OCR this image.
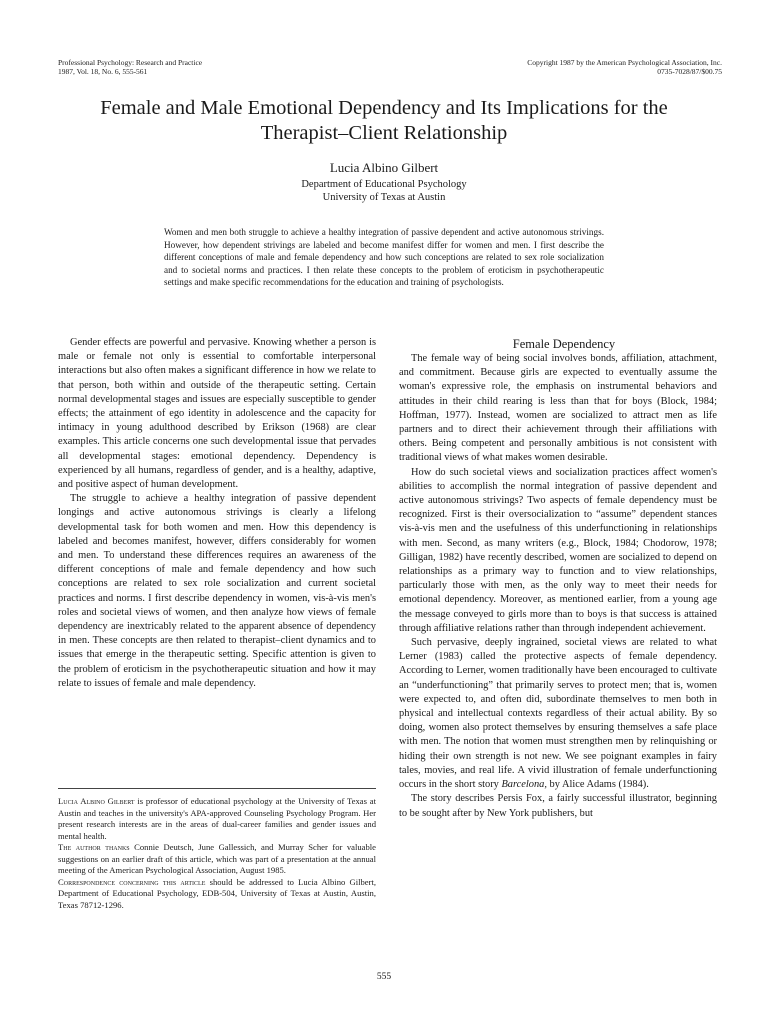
Professional Psychology: Research and Practice
1987, Vol. 18, No. 6, 555-561
Copyright 1987 by the American Psychological Association, Inc.
0735-7028/87/$00.75
Female and Male Emotional Dependency and Its Implications for the Therapist–Client Relationship
Lucia Albino Gilbert
Department of Educational Psychology
University of Texas at Austin
Women and men both struggle to achieve a healthy integration of passive dependent and active autonomous strivings. However, how dependent strivings are labeled and become manifest differ for women and men. I first describe the different conceptions of male and female dependency and how such conceptions are related to sex role socialization and to societal norms and practices. I then relate these concepts to the problem of eroticism in psychotherapeutic settings and make specific recommendations for the education and training of psychologists.

Gender effects are powerful and pervasive. Knowing whether a person is male or female not only is essential to comfortable interpersonal interactions but also often makes a significant difference in how we relate to that person, both within and outside of the therapeutic setting. Certain normal developmental stages and issues are especially susceptible to gender effects; the attainment of ego identity in adolescence and the capacity for intimacy in young adulthood described by Erikson (1968) are clear examples. This article concerns one such developmental issue that pervades all developmental stages: emotional dependency. Dependency is experienced by all humans, regardless of gender, and is a healthy, adaptive, and positive aspect of human development.

The struggle to achieve a healthy integration of passive dependent longings and active autonomous strivings is clearly a lifelong developmental task for both women and men. How this dependency is labeled and becomes manifest, however, differs considerably for women and men. To understand these differences requires an awareness of the different conceptions of male and female dependency and how such conceptions are related to sex role socialization and current societal practices and norms. I first describe dependency in women, vis-à-vis men's roles and societal views of women, and then analyze how views of female dependency are inextricably related to the apparent absence of dependency in men. These concepts are then related to therapist–client dynamics and to issues that emerge in the therapeutic setting. Specific attention is given to the problem of eroticism in the psychotherapeutic situation and how it may relate to issues of female and male dependency.

Lucia Albino Gilbert is professor of educational psychology at the University of Texas at Austin and teaches in the university's APA-approved Counseling Psychology Program. Her present research interests are in the areas of dual-career families and gender issues and mental health.

The author thanks Connie Deutsch, June Gallessich, and Murray Scher for valuable suggestions on an earlier draft of this article, which was part of a presentation at the annual meeting of the American Psychological Association, August 1985.

Correspondence concerning this article should be addressed to Lucia Albino Gilbert, Department of Educational Psychology, EDB-504, University of Texas at Austin, Austin, Texas 78712-1296.

Female Dependency

The female way of being social involves bonds, affiliation, attachment, and commitment. Because girls are expected to eventually assume the woman's expressive role, the emphasis on instrumental behaviors and attitudes in their child rearing is less than that for boys (Block, 1984; Hoffman, 1977). Instead, women are socialized to attract men as life partners and to direct their achievement through their affiliations with others. Being competent and personally ambitious is not consistent with traditional views of what makes women desirable.

How do such societal views and socialization practices affect women's abilities to accomplish the normal integration of passive dependent and active autonomous strivings? Two aspects of female dependency must be recognized. First is their oversocialization to “assume” dependent stances vis-à-vis men and the usefulness of this underfunctioning in relationships with men. Second, as many writers (e.g., Block, 1984; Chodorow, 1978; Gilligan, 1982) have recently described, women are socialized to depend on relationships as a primary way to function and to view relationships, particularly those with men, as the only way to meet their needs for emotional dependency. Moreover, as mentioned earlier, from a young age the message conveyed to girls more than to boys is that success is attained through affiliative relations rather than through independent achievement.

Such pervasive, deeply ingrained, societal views are related to what Lerner (1983) called the protective aspects of female dependency. According to Lerner, women traditionally have been encouraged to cultivate an “underfunctioning” that primarily serves to protect men; that is, women were expected to, and often did, subordinate themselves to men both in physical and intellectual contexts regardless of their actual ability. By so doing, women also protect themselves by ensuring themselves a safe place with men. The notion that women must strengthen men by relinquishing or hiding their own strength is not new. We see poignant examples in fairy tales, movies, and real life. A vivid illustration of female underfunctioning occurs in the short story Barcelona, by Alice Adams (1984).

The story describes Persis Fox, a fairly successful illustrator, beginning to be sought after by New York publishers, but

555
